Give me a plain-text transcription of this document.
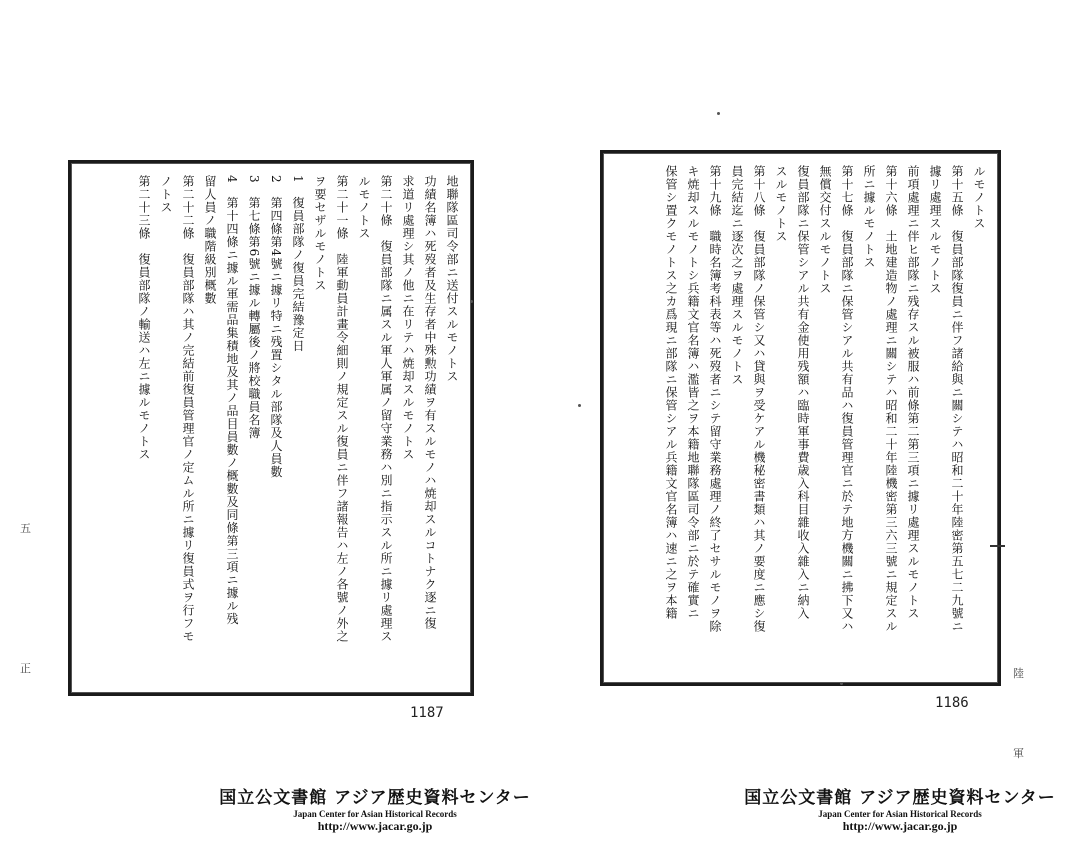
地聯隊區司令部ニ送付スルモノトス
功績名簿ハ死歿者及生存者中殊勲功績ヲ有スルモノハ焼却スルコトナク逐ニ復
求道リ處理シ其ノ他ニ在リテハ焼却スルモノトス
第二十條　復員部隊ニ属スル軍人軍属ノ留守業務ハ別ニ指示スル所ニ據リ處理ス
ルモノトス
第二十一條　陸軍動員計畫令細則ノ規定スル復員ニ伴フ諸報告ハ左ノ各號ノ外之
ヲ要セザルモノトス
1　復員部隊ノ復員完結豫定日
2　第四條第4號ニ據リ特ニ残置シタル部隊及人員數
3　第七條第6號ニ據ル轉屬後ノ將校職員名簿
4　第十四條ニ據ル軍需品集積地及其ノ品目員數ノ概數及同條第三項ニ據ル残
留人員ノ職階級別概數
第二十二條　復員部隊ハ其ノ完結前復員管理官ノ定ムル所ニ據リ復員式ヲ行フモ
ノトス
第二十三條　復員部隊ノ輸送ハ左ニ據ルモノトス
1187
五
正
ルモノトス
第十五條　復員部隊復員ニ伴フ諸給與ニ關シテハ昭和二十年陸密第五七二九號ニ
據リ處理スルモノトス
前項處理ニ伴ヒ部隊ニ残存スル被服ハ前條第二第三項ニ據リ處理スルモノトス
第十六條　土地建造物ノ處理ニ關シテハ昭和二十年陸機密第三六三號ニ規定スル
所ニ據ルモノトス
第十七條　復員部隊ニ保管シアル共有品ハ復員管理官ニ於テ地方機關ニ拂下又ハ
無償交付スルモノトス
復員部隊ニ保管シアル共有金使用残額ハ臨時軍事費歳入科目雜收入雜入ニ納入
スルモノトス
第十八條　復員部隊ノ保管シ又ハ貸與ヲ受ケアル機秘密書類ハ其ノ要度ニ應シ復
員完結迄ニ逐次之ヲ處理スルモノトス
第十九條　職時名簿考科表等ハ死歿者ニシテ留守業務處理ノ終了セサルモノヲ除
キ焼却スルモノトシ兵籍文官名簿ハ濫皆之ヲ本籍地聯隊區司令部ニ於テ確實ニ
保管シ置クモノトス之カ爲現ニ部隊ニ保管シアル兵籍文官名簿ハ速ニ之ヲ本籍
1186
陸
軍
国立公文書館 アジア歴史資料センター
Japan Center for Asian Historical Records
http://www.jacar.go.jp
国立公文書館 アジア歴史資料センター
Japan Center for Asian Historical Records
http://www.jacar.go.jp
